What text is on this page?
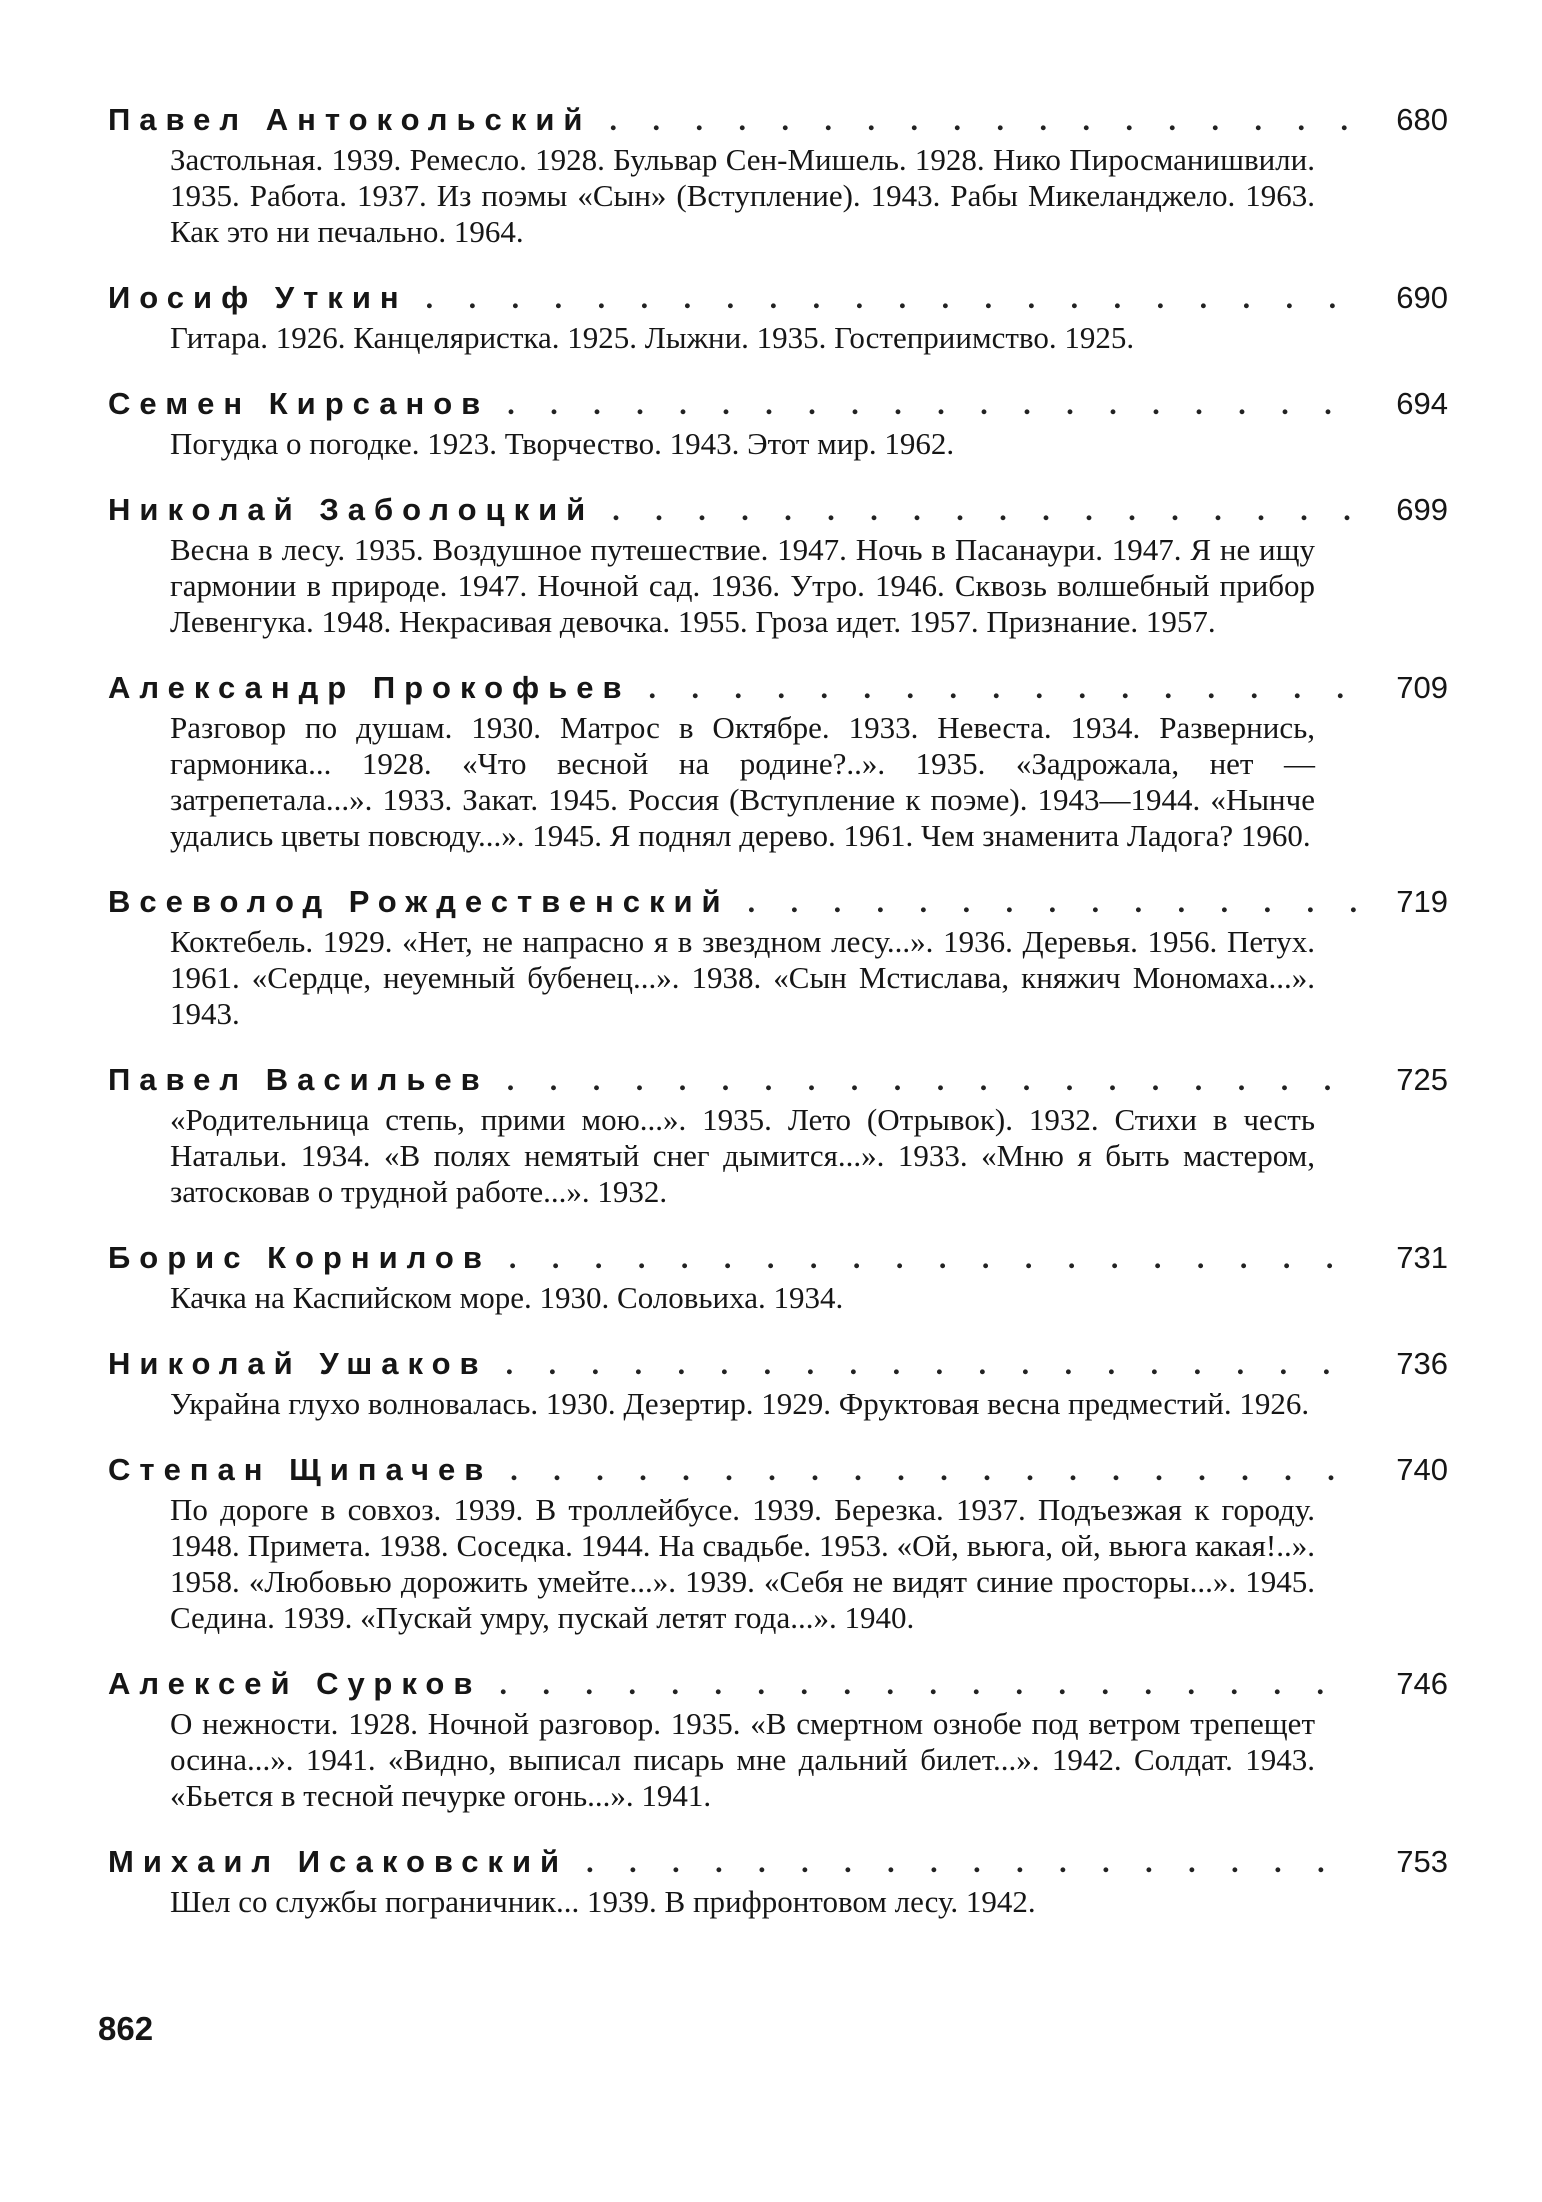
Павел Антокольский . . .	680
Застольная. 1939. Ремесло. 1928. Бульвар Сен-Мишель. 1928. Нико Пиросманишвили. 1935. Работа. 1937. Из поэмы «Сын» (Вступление). 1943. Рабы Микеланджело. 1963. Как это ни печально. 1964.
Иосиф Уткин . . .	690
Гитара. 1926. Канцеляристка. 1925. Лыжни. 1935. Гостеприимство. 1925.
Семен Кирсанов . . .	694
Погудка о погодке. 1923. Творчество. 1943. Этот мир. 1962.
Николай Заболоцкий . . .	699
Весна в лесу. 1935. Воздушное путешествие. 1947. Ночь в Пасанаури. 1947. Я не ищу гармонии в природе. 1947. Ночной сад. 1936. Утро. 1946. Сквозь волшебный прибор Левенгука. 1948. Некрасивая девочка. 1955. Гроза идет. 1957. Признание. 1957.
Александр Прокофьев . . .	709
Разговор по душам. 1930. Матрос в Октябре. 1933. Невеста. 1934. Развернись, гармоника... 1928. «Что весной на родине?..». 1935. «Задрожала, нет — затрепетала...». 1933. Закат. 1945. Россия (Вступление к поэме). 1943—1944. «Нынче удались цветы повсюду...». 1945. Я поднял дерево. 1961. Чем знаменита Ладога? 1960.
Всеволод Рождественский . . .	719
Коктебель. 1929. «Нет, не напрасно я в звездном лесу...». 1936. Деревья. 1956. Петух. 1961. «Сердце, неуемный бубенец...». 1938. «Сын Мстислава, княжич Мономаха...». 1943.
Павел Васильев . . .	725
«Родительница степь, прими мою...». 1935. Лето (Отрывок). 1932. Стихи в честь Натальи. 1934. «В полях немятый снег дымится...». 1933. «Мню я быть мастером, затосковав о трудной работе...». 1932.
Борис Корнилов . . .	731
Качка на Каспийском море. 1930. Соловьиха. 1934.
Николай Ушаков . . .	736
Украйна глухо волновалась. 1930. Дезертир. 1929. Фруктовая весна предместий. 1926.
Степан Щипачев . . .	740
По дороге в совхоз. 1939. В троллейбусе. 1939. Березка. 1937. Подъезжая к городу. 1948. Примета. 1938. Соседка. 1944. На свадьбе. 1953. «Ой, вьюга, ой, вьюга какая!..». 1958. «Любовью дорожить умейте...». 1939. «Себя не видят синие просторы...». 1945. Седина. 1939. «Пускай умру, пускай летят года...». 1940.
Алексей Сурков . . .	746
О нежности. 1928. Ночной разговор. 1935. «В смертном ознобе под ветром трепещет осина...». 1941. «Видно, выписал писарь мне дальний билет...». 1942. Солдат. 1943. «Бьется в тесной печурке огонь...». 1941.
Михаил Исаковский . . .	753
Шел со службы пограничник... 1939. В прифронтовом лесу. 1942.
862
